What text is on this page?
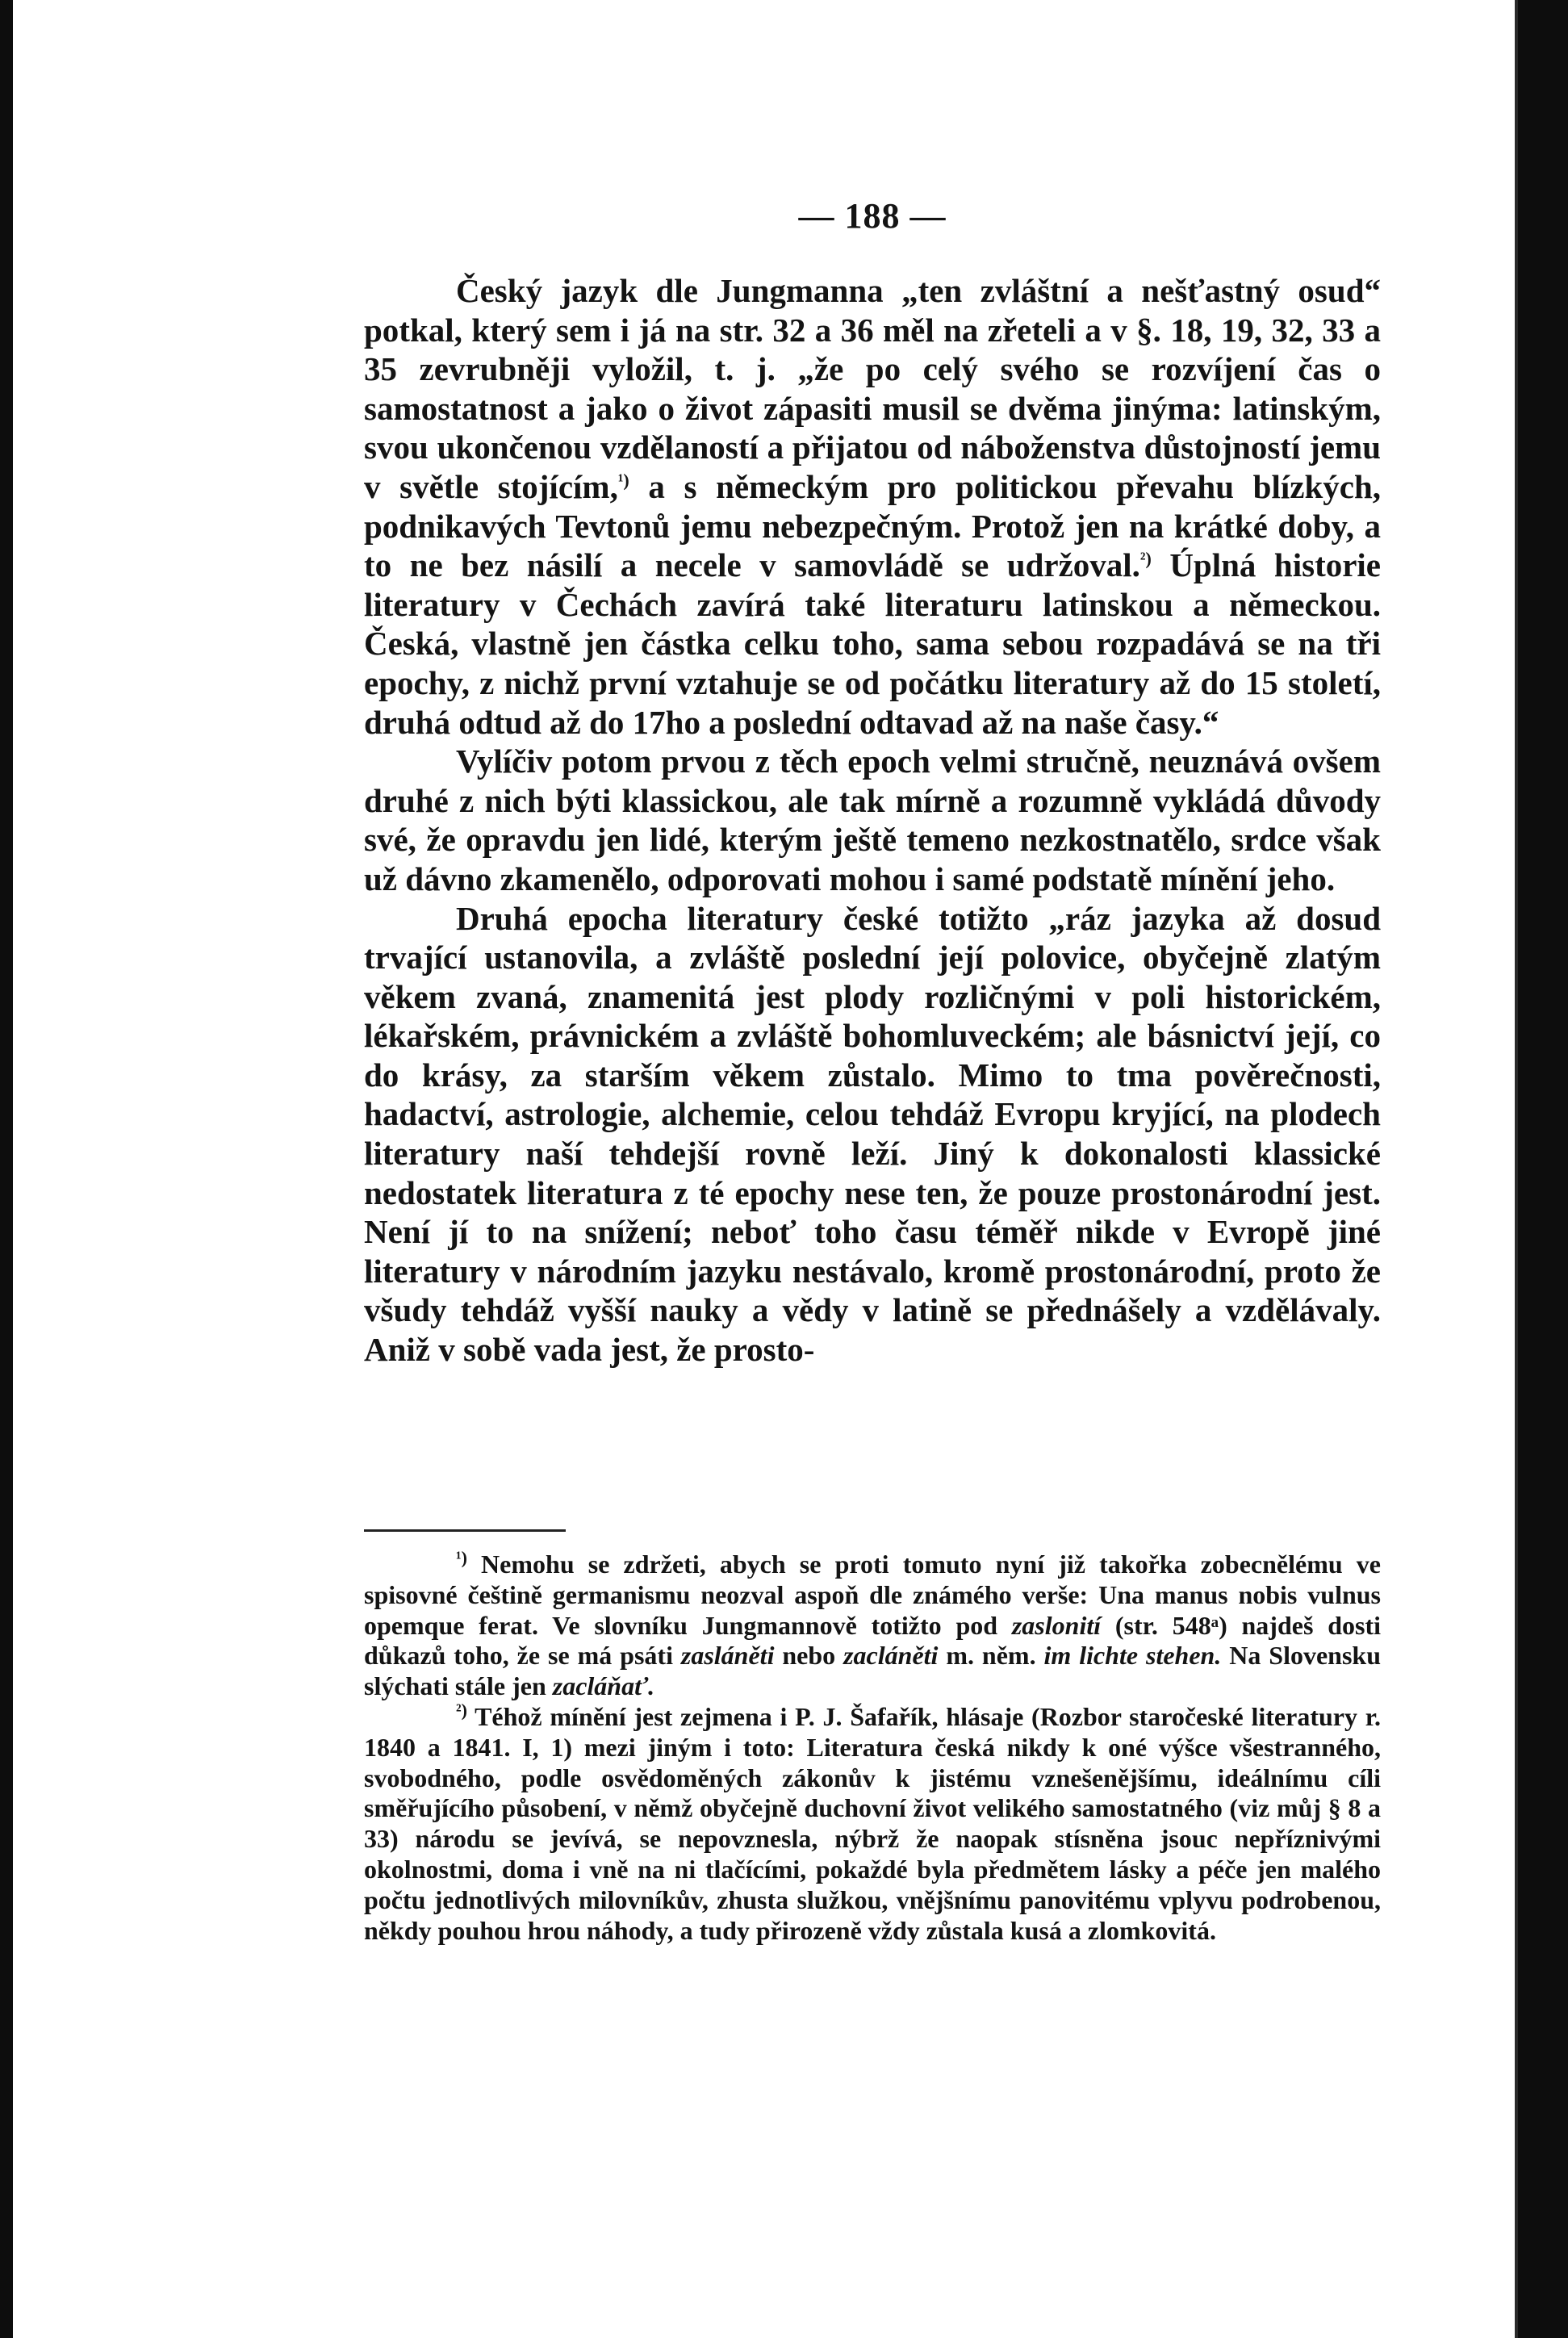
— 188 —

Český jazyk dle Jungmanna „ten zvláštní a nešťastný osud“ potkal, který sem i já na str. 32 a 36 měl na zřeteli a v §. 18, 19, 32, 33 a 35 zevrubněji vyložil, t. j. „že po celý svého se rozvíjení čas o samostatnost a jako o život zápasiti musil se dvěma jinýma: latinským, svou ukončenou vzdělaností a přijatou od náboženstva důstojností jemu v světle stojícím,$^{^1)}$ a s německým pro politickou převahu blízkých, podnikavých Tevtonů jemu nebezpečným. Protož jen na krátké doby, a to ne bez násilí a necele v samovládě se udržoval.$^{^2)}$ Úplná historie literatury v Čechách zavírá také literaturu latinskou a německou. Česká, vlastně jen částka celku toho, sama sebou rozpadává se na tři epochy, z nichž první vztahuje se od počátku literatury až do 15 století, druhá odtud až do 17ho a poslední odtavad až na naše časy.“

Vylíčiv potom prvou z těch epoch velmi stručně, neuznává ovšem druhé z nich býti klassickou, ale tak mírně a rozumně vykládá důvody své, že opravdu jen lidé, kterým ještě temeno nezkostnatělo, srdce však už dávno zkamenělo, odporovati mohou i samé podstatě mínění jeho.

Druhá epocha literatury české totižto „ráz jazyka až dosud trvající ustanovila, a zvláště poslední její polovice, obyčejně zlatým věkem zvaná, znamenitá jest plody rozličnými v poli historickém, lékařském, právnickém a zvláště bohomluveckém; ale básnictví její, co do krásy, za starším věkem zůstalo. Mimo to tma pověrečnosti, hadactví, astrologie, alchemie, celou tehdáž Evropu kryjící, na plodech literatury naší tehdejší rovně leží. Jiný k dokonalosti klassické nedostatek literatura z té epochy nese ten, že pouze prostonárodní jest. Není jí to na snížení; neboť toho času téměř nikde v Evropě jiné literatury v národním jazyku nestávalo, kromě prostonárodní, proto že všudy tehdáž vyšší nauky a vědy v latině se přednášely a vzdělávaly. Aniž v sobě vada jest, že prosto-

$^{^1)}$ Nemohu se zdržeti, abych se proti tomuto nyní již takořka zobecnělému ve spisovné češtině germanismu neozval aspoň dle známého verše: Una manus nobis vulnus opemque ferat. Ve slovníku Jungmannově totižto pod zaslonití (str. 548ᵃ) najdeš dosti důkazů toho, že se má psáti zasláněti nebo zacláněti m. něm. im lichte stehen. Na Slovensku slýchati stále jen zacláňať.

$^{^2)}$ Téhož mínění jest zejmena i P. J. Šafařík, hlásaje (Rozbor staročeské literatury r. 1840 a 1841. I, 1) mezi jiným i toto: Literatura česká nikdy k oné výšce všestranného, svobodného, podle osvědoměných zákonův k jistému vznešenějšímu, ideálnímu cíli směřujícího působení, v němž obyčejně duchovní život velikého samostatného (viz můj § 8 a 33) národu se jevívá, se nepovznesla, nýbrž že naopak stísněna jsouc nepříznivými okolnostmi, doma i vně na ni tlačícími, pokaždé byla předmětem lásky a péče jen malého počtu jednotlivých milovníkův, zhusta služkou, vnějšnímu panovitému vplyvu podrobenou, někdy pouhou hrou náhody, a tudy přirozeně vždy zůstala kusá a zlomkovitá.
